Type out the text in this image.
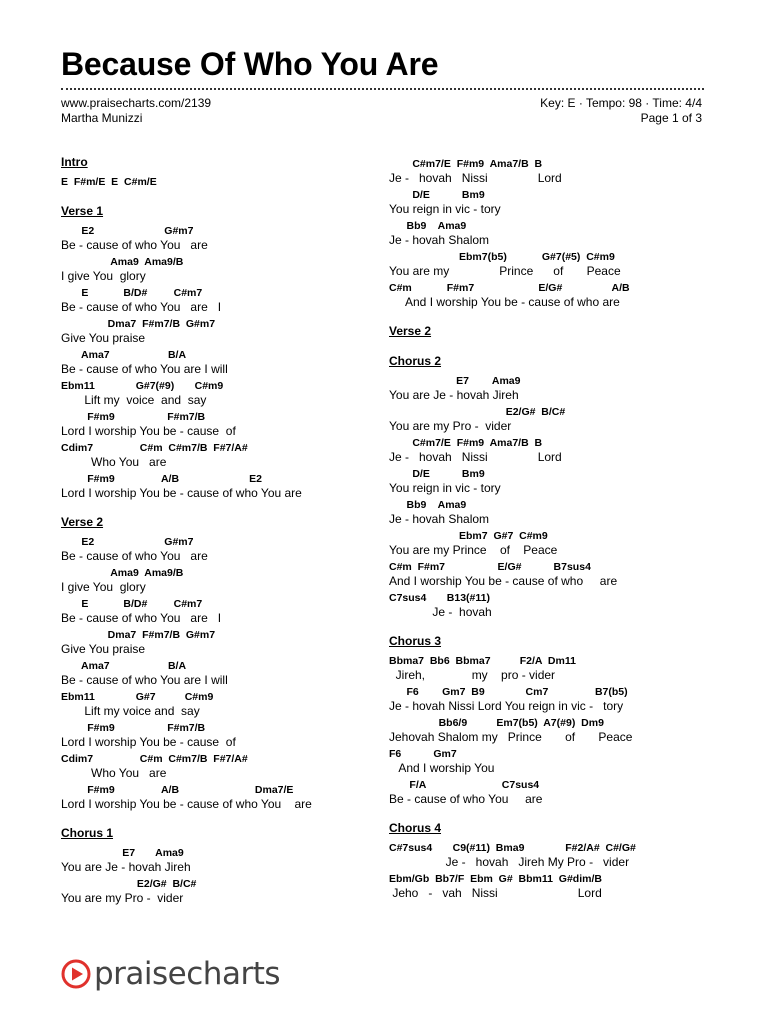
Because Of Who You Are
www.praisecharts.com/2139
Martha Munizzi
Key: E · Tempo: 98 · Time: 4/4
Page 1 of 3
Intro
E  F#m/E  E  C#m/E
Verse 1
E2                        G#m7
Be - cause of who You   are
Ama9  Ama9/B
I give You  glory
E            B/D#         C#m7
Be - cause of who You   are   I
Dma7  F#m7/B  G#m7
Give You praise
Ama7                    B/A
Be - cause of who You are I will
Ebm11              G#7(#9)       C#m9
Lift my  voice  and  say
F#m9                  F#m7/B
Lord I worship You be - cause  of
Cdim7                C#m  C#m7/B  F#7/A#
Who You   are
F#m9                A/B                        E2
Lord I worship You be - cause of who You are
Verse 2
E2                        G#m7
Be - cause of who You   are
Ama9  Ama9/B
I give You  glory
E            B/D#         C#m7
Be - cause of who You   are   I
Dma7  F#m7/B  G#m7
Give You praise
Ama7                    B/A
Be - cause of who You are I will
Ebm11              G#7          C#m9
Lift my voice and  say
F#m9                  F#m7/B
Lord I worship You be - cause  of
Cdim7                C#m  C#m7/B  F#7/A#
Who You   are
F#m9                A/B                          Dma7/E
Lord I worship You be - cause of who You    are
Chorus 1
E7       Ama9
You are Je - hovah Jireh
E2/G#  B/C#
You are my Pro -  vider
C#m7/E  F#m9  Ama7/B  B
Je -   hovah   Nissi               Lord
D/E           Bm9
You reign in vic - tory
Bb9    Ama9
Je - hovah Shalom
Ebm7(b5)            G#7(#5)  C#m9
You are my               Prince      of       Peace
C#m            F#m7                      E/G#                 A/B
And I worship You be - cause of who are
Verse 2
Chorus 2
E7        Ama9
You are Je - hovah Jireh
E2/G#  B/C#
You are my Pro -  vider
C#m7/E  F#m9  Ama7/B  B
Je -   hovah   Nissi               Lord
D/E           Bm9
You reign in vic - tory
Bb9    Ama9
Je - hovah Shalom
Ebm7  G#7  C#m9
You are my Prince    of    Peace
C#m  F#m7                  E/G#           B7sus4
And I worship You be - cause of who     are
C7sus4       B13(#11)
Je -  hovah
Chorus 3
Bbma7  Bb6  Bbma7          F2/A  Dm11
Jireh,              my    pro - vider
F6        Gm7  B9              Cm7                B7(b5)
Je - hovah Nissi Lord You reign in vic -   tory
Bb6/9          Em7(b5)  A7(#9)  Dm9
Jehovah Shalom my   Prince       of       Peace
F6           Gm7
And I worship You
F/A                          C7sus4
Be - cause of who You     are
Chorus 4
C#7sus4       C9(#11)  Bma9              F#2/A#  C#/G#
Je -   hovah   Jireh My Pro -   vider
Ebm/Gb  Bb7/F  Ebm  G#  Bbm11  G#dim/B
Jeho   -   vah   Nissi                        Lord
praisecharts
